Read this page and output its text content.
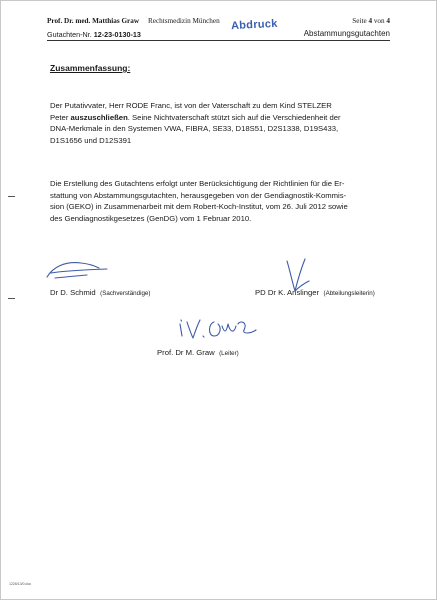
Prof. Dr. med. Matthias Graw Rechtsmedizin München Abdruck	Seite 4 von 4
Gutachten-Nr. 12-23-0130-13	Abstammungsgutachten
Zusammenfassung:
Der Putativvater, Herr RODE Franc, ist von der Vaterschaft zu dem Kind STELZER
Peter auszuschließen. Seine Nichtvaterschaft stützt sich auf die Verschiedenheit der
DNA-Merkmale in den Systemen VWA, FIBRA, SE33, D18S51, D2S1338, D19S433,
D1S1656 und D12S391
Die Erstellung des Gutachtens erfolgt unter Berücksichtigung der Richtlinien für die Er-
stattung von Abstammungsgutachten, herausgegeben von der Gendiagnostik-Kommis-
sion (GEKO) in Zusammenarbeit mit dem Robert-Koch-Institut, vom 26. Juli 2012 sowie
des Gendiagnostikgesetzes (GenDG) vom 1 Februar 2010.
Dr D. Schmid (Sachverständige)	PD Dr K. Anslinger (Abteilungsleiterin)
Prof. Dr M. Graw (Leiter)
1226/13/0.doc
